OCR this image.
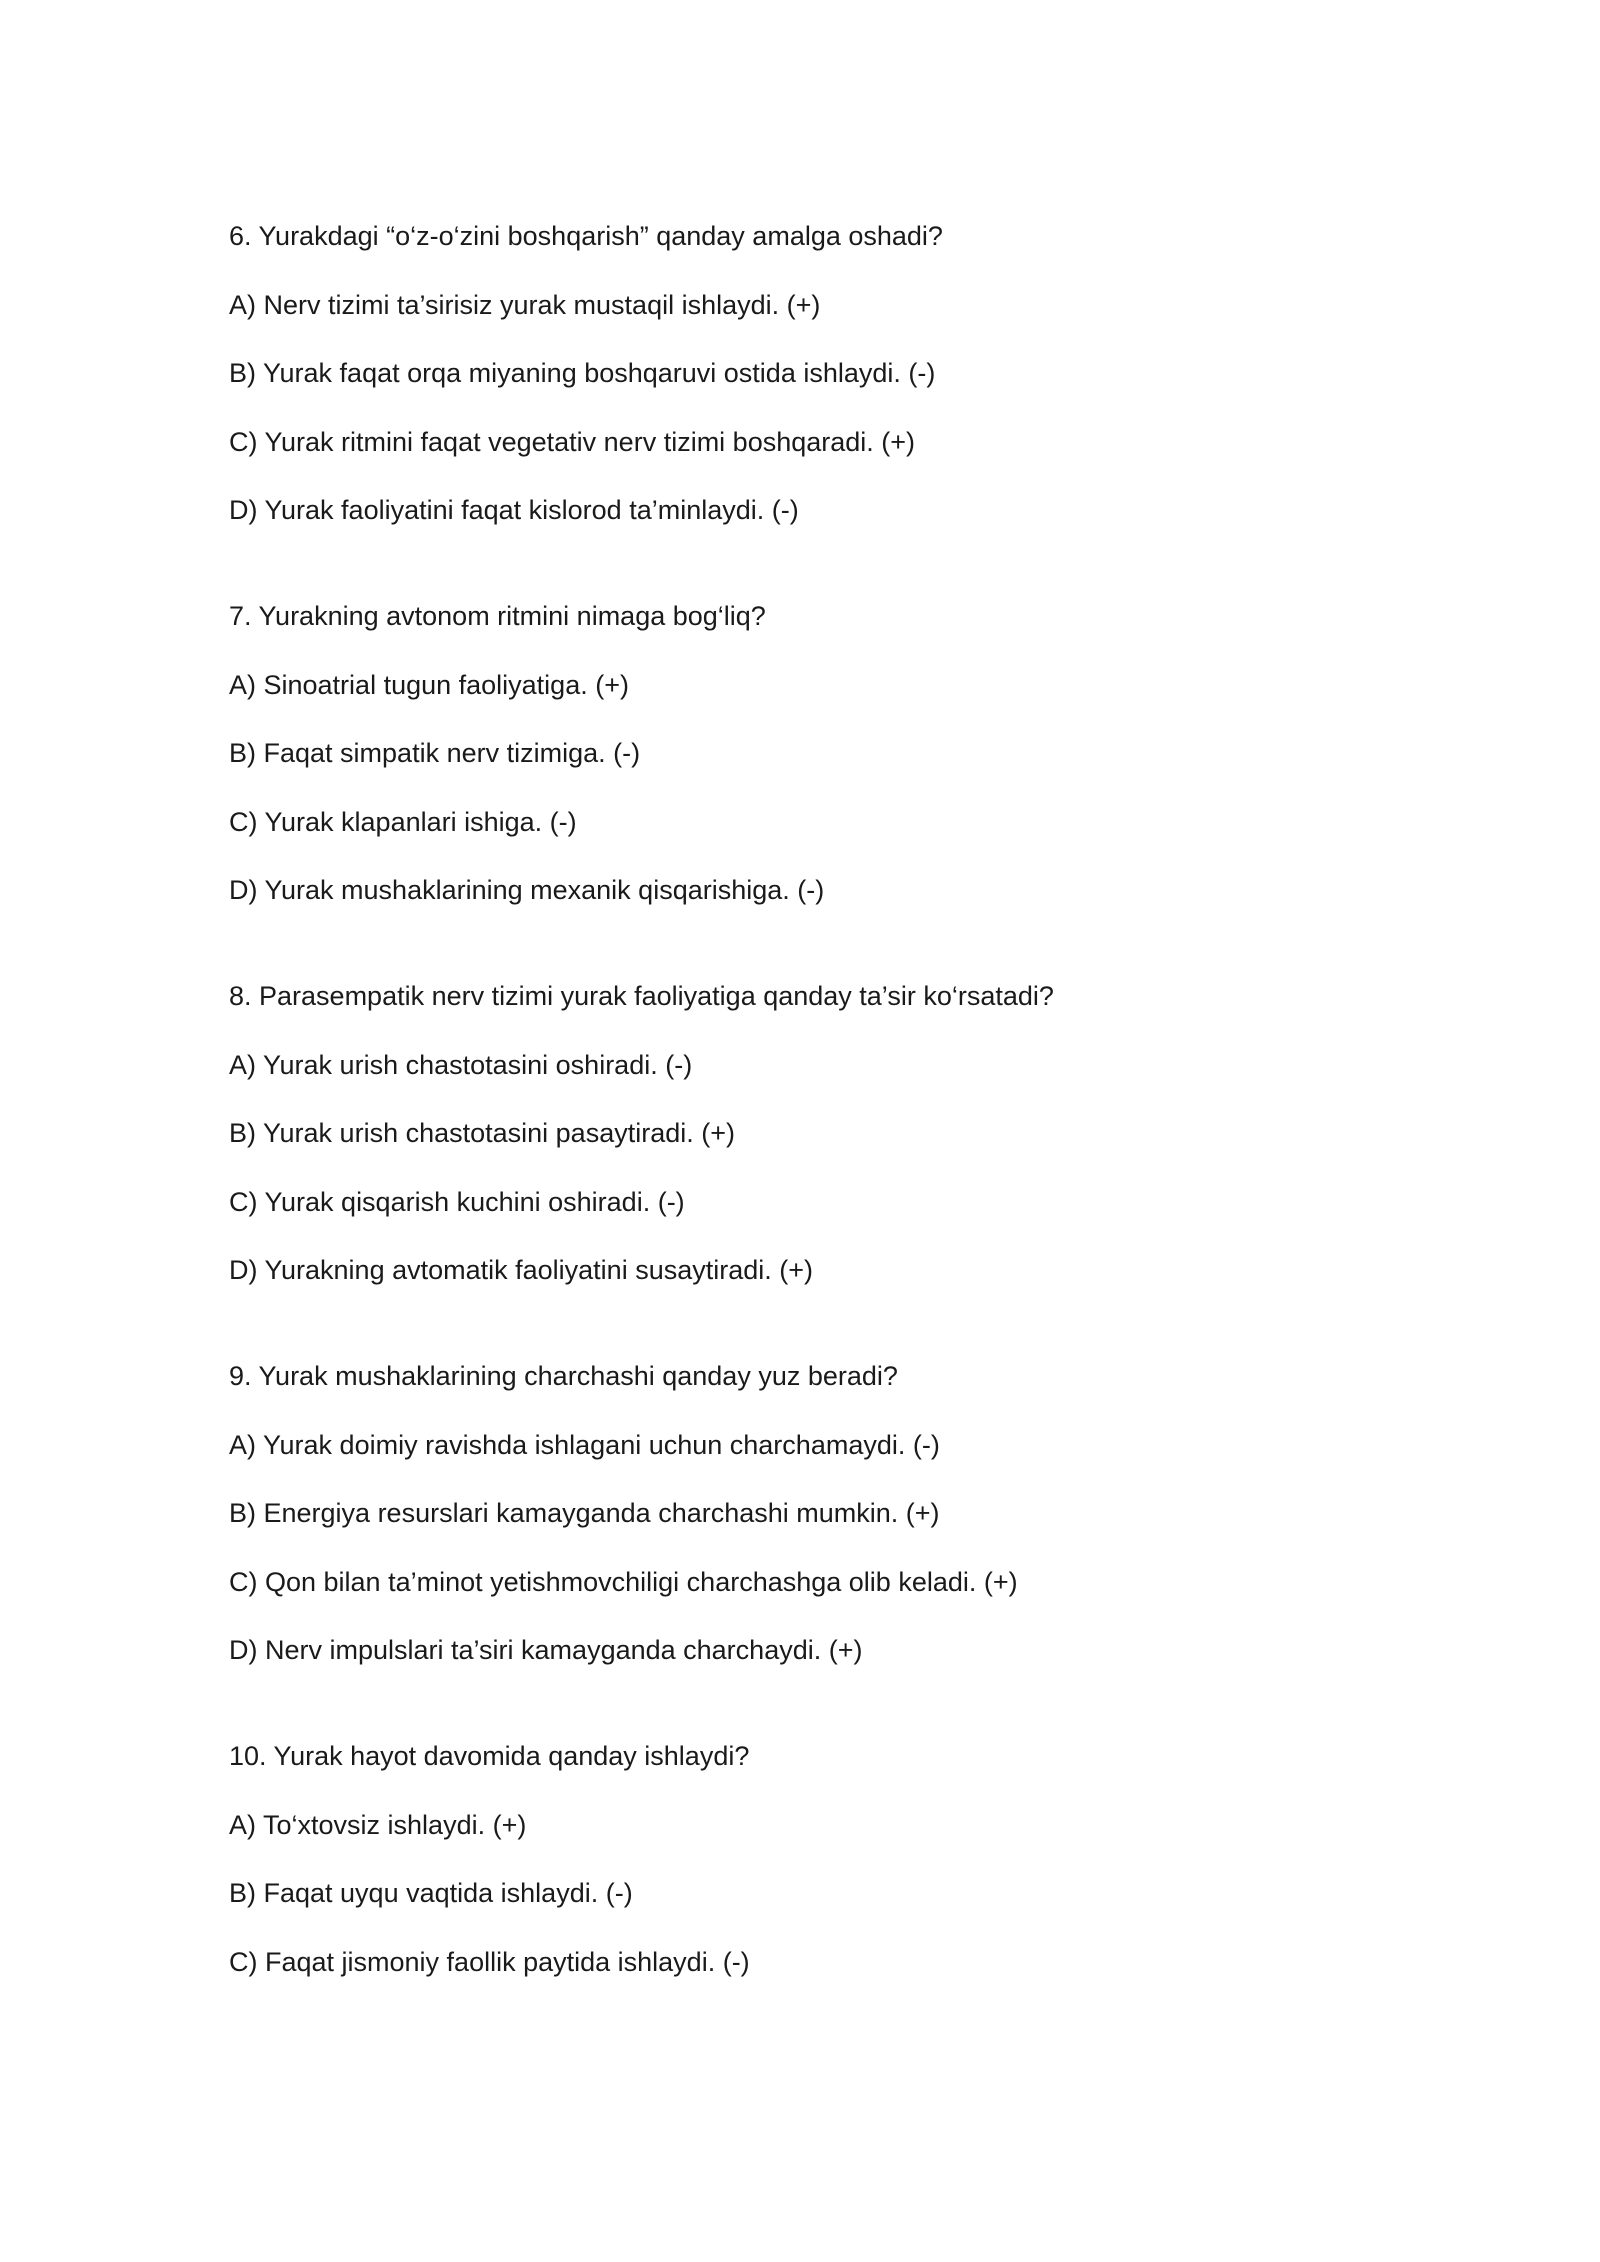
6. Yurakdagi “o‘z-o‘zini boshqarish” qanday amalga oshadi?
A) Nerv tizimi ta’sirisiz yurak mustaqil ishlaydi. (+)
B) Yurak faqat orqa miyaning boshqaruvi ostida ishlaydi. (-)
C) Yurak ritmini faqat vegetativ nerv tizimi boshqaradi. (+)
D) Yurak faoliyatini faqat kislorod ta’minlaydi. (-)
7. Yurakning avtonom ritmini nimaga bog‘liq?
A) Sinoatrial tugun faoliyatiga. (+)
B) Faqat simpatik nerv tizimiga. (-)
C) Yurak klapanlari ishiga. (-)
D) Yurak mushaklarining mexanik qisqarishiga. (-)
8. Parasempatik nerv tizimi yurak faoliyatiga qanday ta’sir ko‘rsatadi?
A) Yurak urish chastotasini oshiradi. (-)
B) Yurak urish chastotasini pasaytiradi. (+)
C) Yurak qisqarish kuchini oshiradi. (-)
D) Yurakning avtomatik faoliyatini susaytiradi. (+)
9. Yurak mushaklarining charchashi qanday yuz beradi?
A) Yurak doimiy ravishda ishlagani uchun charchamaydi. (-)
B) Energiya resurslari kamayganda charchashi mumkin. (+)
C) Qon bilan ta’minot yetishmovchiligi charchashga olib keladi. (+)
D) Nerv impulslari ta’siri kamayganda charchaydi. (+)
10. Yurak hayot davomida qanday ishlaydi?
A) To‘xtovsiz ishlaydi. (+)
B) Faqat uyqu vaqtida ishlaydi. (-)
C) Faqat jismoniy faollik paytida ishlaydi. (-)
